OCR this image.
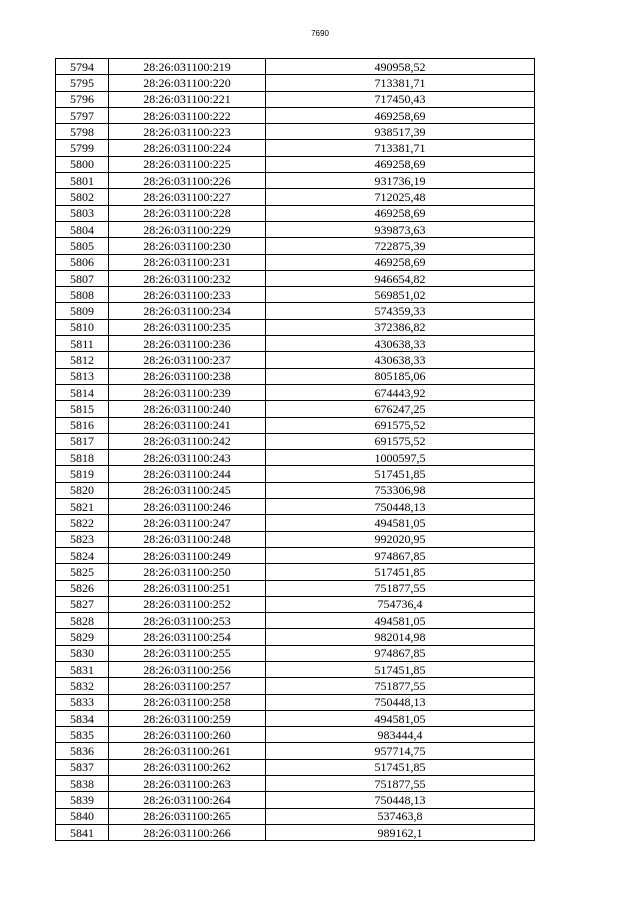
7690
5794	28:26:031100:219	490958,52
5795	28:26:031100:220	713381,71
5796	28:26:031100:221	717450,43
5797	28:26:031100:222	469258,69
5798	28:26:031100:223	938517,39
5799	28:26:031100:224	713381,71
5800	28:26:031100:225	469258,69
5801	28:26:031100:226	931736,19
5802	28:26:031100:227	712025,48
5803	28:26:031100:228	469258,69
5804	28:26:031100:229	939873,63
5805	28:26:031100:230	722875,39
5806	28:26:031100:231	469258,69
5807	28:26:031100:232	946654,82
5808	28:26:031100:233	569851,02
5809	28:26:031100:234	574359,33
5810	28:26:031100:235	372386,82
5811	28:26:031100:236	430638,33
5812	28:26:031100:237	430638,33
5813	28:26:031100:238	805185,06
5814	28:26:031100:239	674443,92
5815	28:26:031100:240	676247,25
5816	28:26:031100:241	691575,52
5817	28:26:031100:242	691575,52
5818	28:26:031100:243	1000597,5
5819	28:26:031100:244	517451,85
5820	28:26:031100:245	753306,98
5821	28:26:031100:246	750448,13
5822	28:26:031100:247	494581,05
5823	28:26:031100:248	992020,95
5824	28:26:031100:249	974867,85
5825	28:26:031100:250	517451,85
5826	28:26:031100:251	751877,55
5827	28:26:031100:252	754736,4
5828	28:26:031100:253	494581,05
5829	28:26:031100:254	982014,98
5830	28:26:031100:255	974867,85
5831	28:26:031100:256	517451,85
5832	28:26:031100:257	751877,55
5833	28:26:031100:258	750448,13
5834	28:26:031100:259	494581,05
5835	28:26:031100:260	983444,4
5836	28:26:031100:261	957714,75
5837	28:26:031100:262	517451,85
5838	28:26:031100:263	751877,55
5839	28:26:031100:264	750448,13
5840	28:26:031100:265	537463,8
5841	28:26:031100:266	989162,1
